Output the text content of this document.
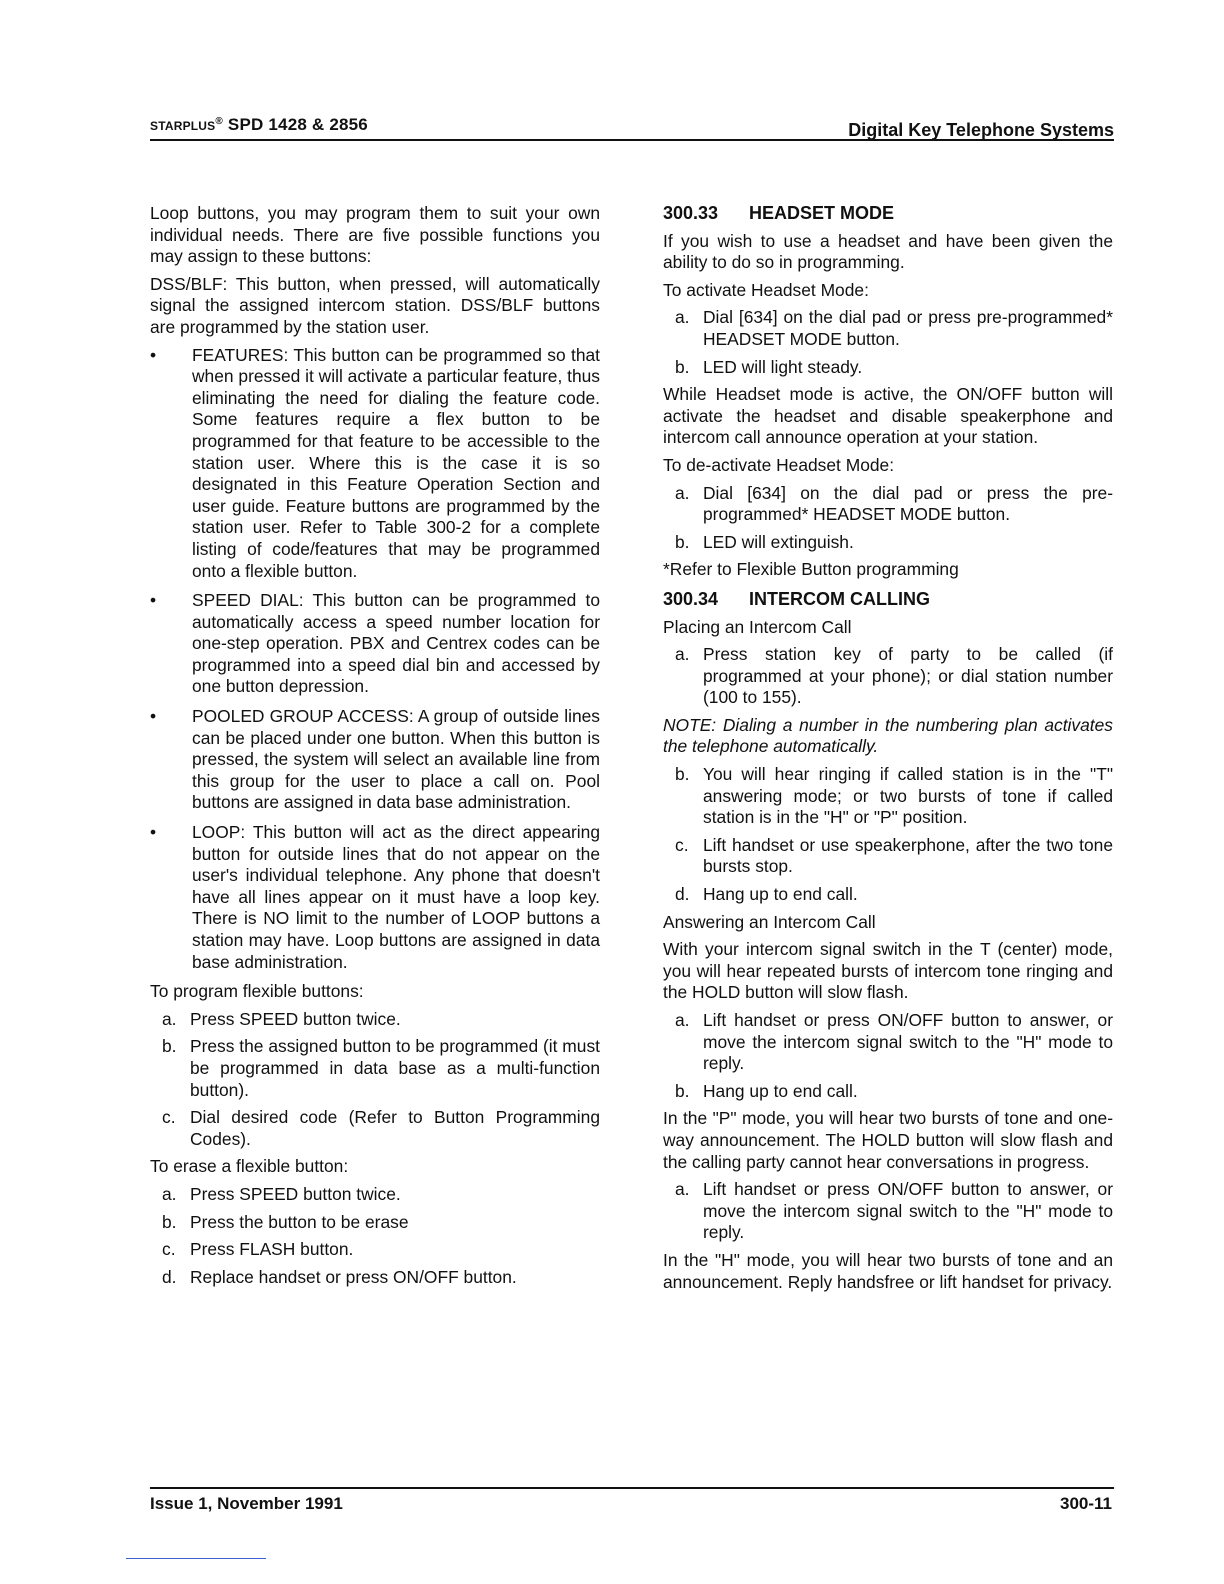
STARPLUS® SPD 1428 & 2856	Digital Key Telephone Systems

Loop buttons, you may program them to suit your own individual needs. There are five possible functions you may assign to these buttons:

DSS/BLF: This button, when pressed, will automatically signal the assigned intercom station. DSS/BLF buttons are programmed by the station user.

• FEATURES: This button can be programmed so that when pressed it will activate a particular feature, thus eliminating the need for dialing the feature code. Some features require a flex button to be programmed for that feature to be accessible to the station user. Where this is the case it is so designated in this Feature Operation Section and user guide. Feature buttons are programmed by the station user. Refer to Table 300-2 for a complete listing of code/features that may be programmed onto a flexible button.
• SPEED DIAL: This button can be programmed to automatically access a speed number location for one-step operation. PBX and Centrex codes can be programmed into a speed dial bin and accessed by one button depression.
• POOLED GROUP ACCESS: A group of outside lines can be placed under one button. When this button is pressed, the system will select an available line from this group for the user to place a call on. Pool buttons are assigned in data base administration.
• LOOP: This button will act as the direct appearing button for outside lines that do not appear on the user's individual telephone. Any phone that doesn't have all lines appear on it must have a loop key. There is NO limit to the number of LOOP buttons a station may have. Loop buttons are assigned in data base administration.

To program flexible buttons:

a. Press SPEED button twice.
b. Press the assigned button to be programmed (it must be programmed in data base as a multi-function button).
c. Dial desired code (Refer to Button Programming Codes).

To erase a flexible button:

a. Press SPEED button twice.
b. Press the button to be erase
c. Press FLASH button.
d. Replace handset or press ON/OFF button.
300.33 HEADSET MODE

If you wish to use a headset and have been given the ability to do so in programming.

To activate Headset Mode:

a. Dial [634] on the dial pad or press pre-programmed* HEADSET MODE button.
b. LED will light steady.

While Headset mode is active, the ON/OFF button will activate the headset and disable speakerphone and intercom call announce operation at your station.

To de-activate Headset Mode:

a. Dial [634] on the dial pad or press the pre-programmed* HEADSET MODE button.
b. LED will extinguish.

*Refer to Flexible Button programming

300.34 INTERCOM CALLING

Placing an Intercom Call

a. Press station key of party to be called (if programmed at your phone); or dial station number (100 to 155).

NOTE: Dialing a number in the numbering plan activates the telephone automatically.

b. You will hear ringing if called station is in the "T" answering mode; or two bursts of tone if called station is in the "H" or "P" position.
c. Lift handset or use speakerphone, after the two tone bursts stop.
d. Hang up to end call.

Answering an Intercom Call

With your intercom signal switch in the T (center) mode, you will hear repeated bursts of intercom tone ringing and the HOLD button will slow flash.

a. Lift handset or press ON/OFF button to answer, or move the intercom signal switch to the "H" mode to reply.
b. Hang up to end call.

In the "P" mode, you will hear two bursts of tone and one-way announcement. The HOLD button will slow flash and the calling party cannot hear conversations in progress.

a. Lift handset or press ON/OFF button to answer, or move the intercom signal switch to the "H" mode to reply.

In the "H" mode, you will hear two bursts of tone and an announcement. Reply handsfree or lift handset for privacy.

Issue 1, November 1991	300-11
